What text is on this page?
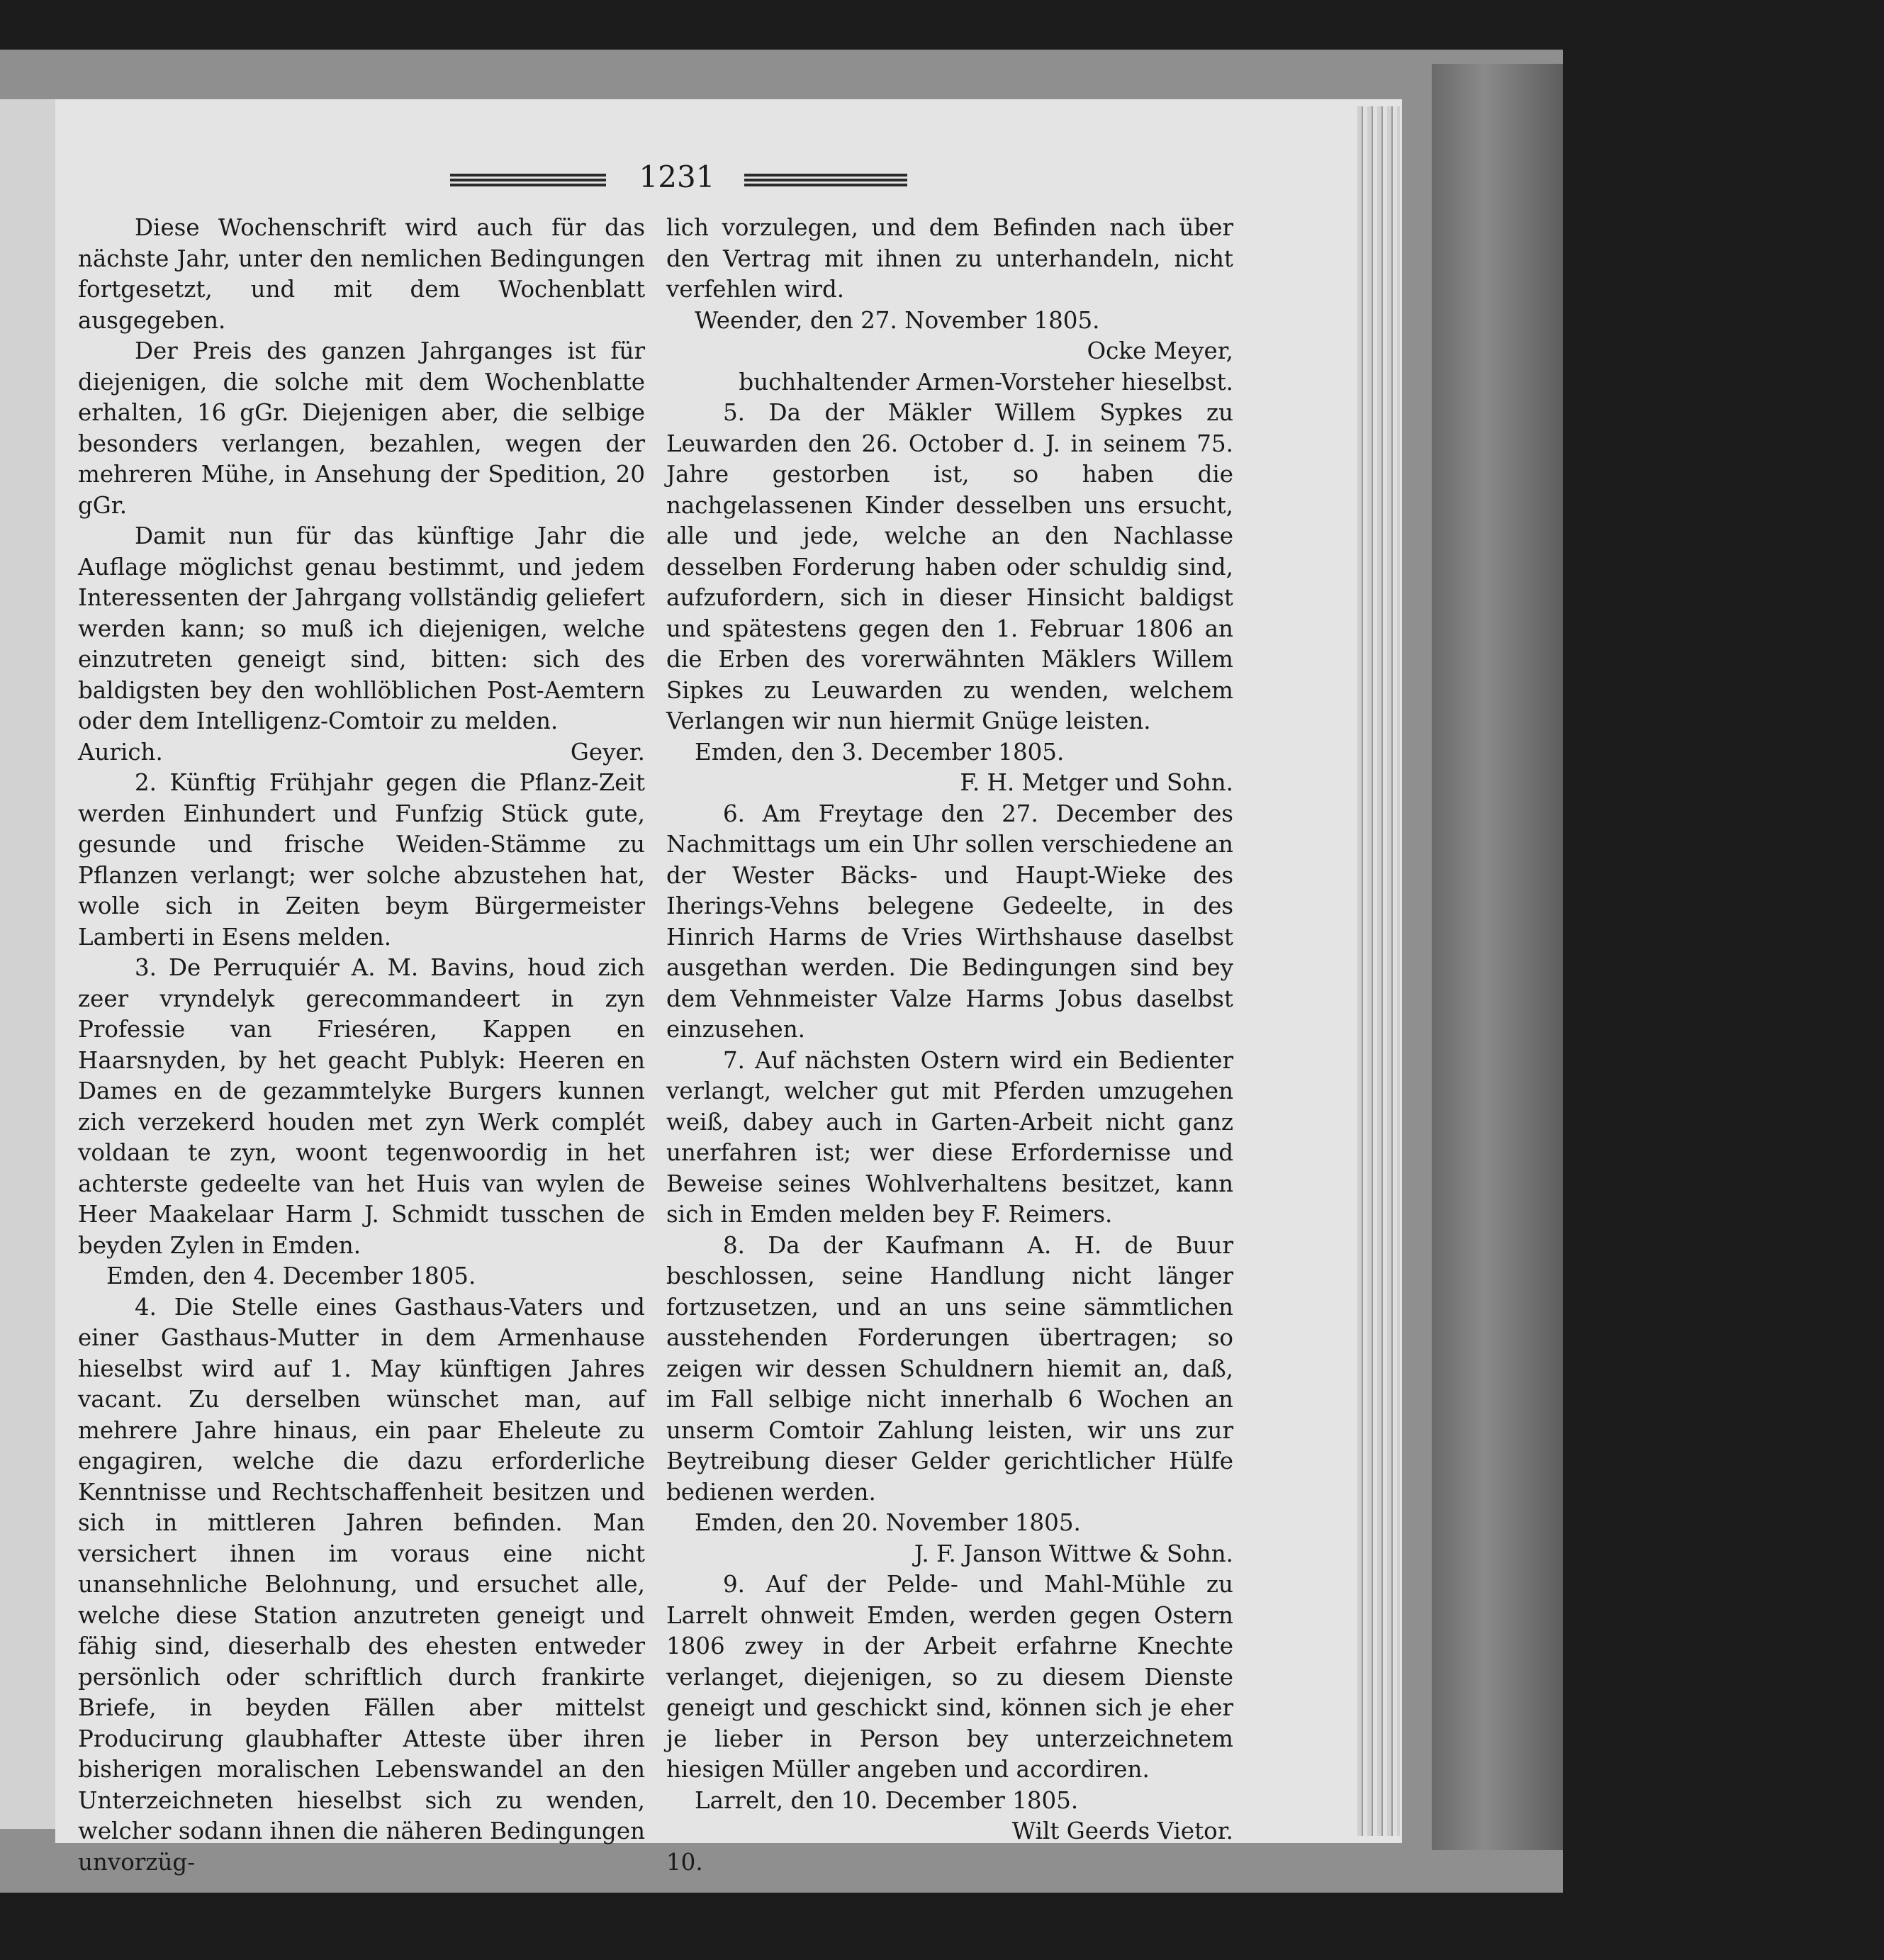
1231

Diese Wochenschrift wird auch für das nächste Jahr, unter den nemlichen Bedingungen fortgesetzt, und mit dem Wochenblatt ausgegeben.

Der Preis des ganzen Jahrganges ist für diejenigen, die solche mit dem Wochenblatte erhalten, 16 gGr. Diejenigen aber, die selbige besonders verlangen, bezahlen, wegen der mehreren Mühe, in Ansehung der Spedition, 20 gGr.

Damit nun für das künftige Jahr die Auflage möglichst genau bestimmt, und jedem Interessenten der Jahrgang vollständig geliefert werden kann; so muß ich diejenigen, welche einzutreten geneigt sind, bitten: sich des baldigsten bey den wohllöblichen Post-Aemtern oder dem Intelligenz-Comtoir zu melden.

Aurich.	Geyer.

2. Künftig Frühjahr gegen die Pflanz-Zeit werden Einhundert und Funfzig Stück gute, gesunde und frische Weiden-Stämme zu Pflanzen verlangt; wer solche abzustehen hat, wolle sich in Zeiten beym Bürgermeister Lamberti in Esens melden.

3. De Perruquiér A. M. Bavins, houd zich zeer vryndelyk gerecommandeert in zyn Professie van Frieséren, Kappen en Haarsnyden, by het geacht Publyk: Heeren en Dames en de gezammtelyke Burgers kunnen zich verzekerd houden met zyn Werk complét voldaan te zyn, woont tegenwoordig in het achterste gedeelte van het Huis van wylen de Heer Maakelaar Harm J. Schmidt tusschen de beyden Zylen in Emden.

Emden, den 4. December 1805.

4. Die Stelle eines Gasthaus-Vaters und einer Gasthaus-Mutter in dem Armenhause hieselbst wird auf 1. May künftigen Jahres vacant. Zu derselben wünschet man, auf mehrere Jahre hinaus, ein paar Eheleute zu engagiren, welche die dazu erforderliche Kenntnisse und Rechtschaffenheit besitzen und sich in mittleren Jahren befinden. Man versichert ihnen im voraus eine nicht unansehnliche Belohnung, und ersuchet alle, welche diese Station anzutreten geneigt und fähig sind, dieserhalb des ehesten entweder persönlich oder schriftlich durch frankirte Briefe, in beyden Fällen aber mittelst Producirung glaubhafter Atteste über ihren bisherigen moralischen Lebenswandel an den Unterzeichneten hieselbst sich zu wenden, welcher sodann ihnen die näheren Bedingungen unvorzüg-

lich vorzulegen, und dem Befinden nach über den Vertrag mit ihnen zu unterhandeln, nicht verfehlen wird.

Weender, den 27. November 1805.

Ocke Meyer,

buchhaltender Armen-Vorsteher hieselbst.

5. Da der Mäkler Willem Sypkes zu Leuwarden den 26. October d. J. in seinem 75. Jahre gestorben ist, so haben die nachgelassenen Kinder desselben uns ersucht, alle und jede, welche an den Nachlasse desselben Forderung haben oder schuldig sind, aufzufordern, sich in dieser Hinsicht baldigst und spätestens gegen den 1. Februar 1806 an die Erben des vorerwähnten Mäklers Willem Sipkes zu Leuwarden zu wenden, welchem Verlangen wir nun hiermit Gnüge leisten.

Emden, den 3. December 1805.

F. H. Metger und Sohn.

6. Am Freytage den 27. December des Nachmittags um ein Uhr sollen verschiedene an der Wester Bäcks- und Haupt-Wieke des Iherings-Vehns belegene Gedeelte, in des Hinrich Harms de Vries Wirthshause daselbst ausgethan werden. Die Bedingungen sind bey dem Vehnmeister Valze Harms Jobus daselbst einzusehen.

7. Auf nächsten Ostern wird ein Bedienter verlangt, welcher gut mit Pferden umzugehen weiß, dabey auch in Garten-Arbeit nicht ganz unerfahren ist; wer diese Erfordernisse und Beweise seines Wohlverhaltens besitzet, kann sich in Emden melden bey F. Reimers.

8. Da der Kaufmann A. H. de Buur beschlossen, seine Handlung nicht länger fortzusetzen, und an uns seine sämmtlichen ausstehenden Forderungen übertragen; so zeigen wir dessen Schuldnern hiemit an, daß, im Fall selbige nicht innerhalb 6 Wochen an unserm Comtoir Zahlung leisten, wir uns zur Beytreibung dieser Gelder gerichtlicher Hülfe bedienen werden.

Emden, den 20. November 1805.

J. F. Janson Wittwe & Sohn.

9. Auf der Pelde- und Mahl-Mühle zu Larrelt ohnweit Emden, werden gegen Ostern 1806 zwey in der Arbeit erfahrne Knechte verlanget, diejenigen, so zu diesem Dienste geneigt und geschickt sind, können sich je eher je lieber in Person bey unterzeichnetem hiesigen Müller angeben und accordiren.

Larrelt, den 10. December 1805.

Wilt Geerds Vietor.

10.
